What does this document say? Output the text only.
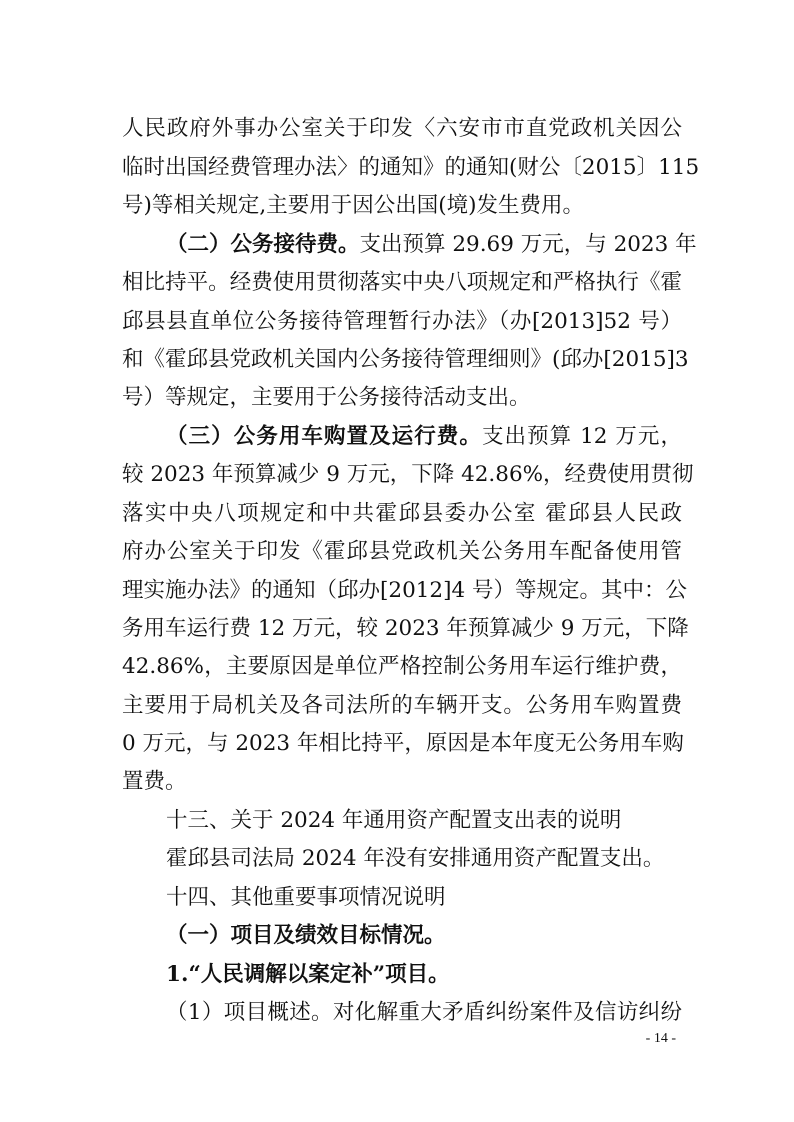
人民政府外事办公室关于印发〈六安市市直党政机关因公
临时出国经费管理办法〉的通知》的通知(财公〔2015〕115
号)等相关规定,主要用于因公出国(境)发生费用。
（二）公务接待费。支出预算 29.69 万元，与 2023 年
相比持平。经费使用贯彻落实中央八项规定和严格执行《霍
邱县县直单位公务接待管理暂行办法》（办[2013]52 号）
和《霍邱县党政机关国内公务接待管理细则》(邱办[2015]3
号）等规定，主要用于公务接待活动支出。
（三）公务用车购置及运行费。支出预算 12 万元，
较 2023 年预算减少 9 万元，下降 42.86%，经费使用贯彻
落实中央八项规定和中共霍邱县委办公室 霍邱县人民政
府办公室关于印发《霍邱县党政机关公务用车配备使用管
理实施办法》的通知（邱办[2012]4 号）等规定。其中：公
务用车运行费 12 万元，较 2023 年预算减少 9 万元，下降
42.86%，主要原因是单位严格控制公务用车运行维护费，
主要用于局机关及各司法所的车辆开支。公务用车购置费
0 万元，与 2023 年相比持平，原因是本年度无公务用车购
置费。
十三、关于 2024 年通用资产配置支出表的说明
霍邱县司法局 2024 年没有安排通用资产配置支出。
十四、其他重要事项情况说明
（一）项目及绩效目标情况。
1.“人民调解以案定补”项目。
（1）项目概述。对化解重大矛盾纠纷案件及信访纠纷
- 14 -
